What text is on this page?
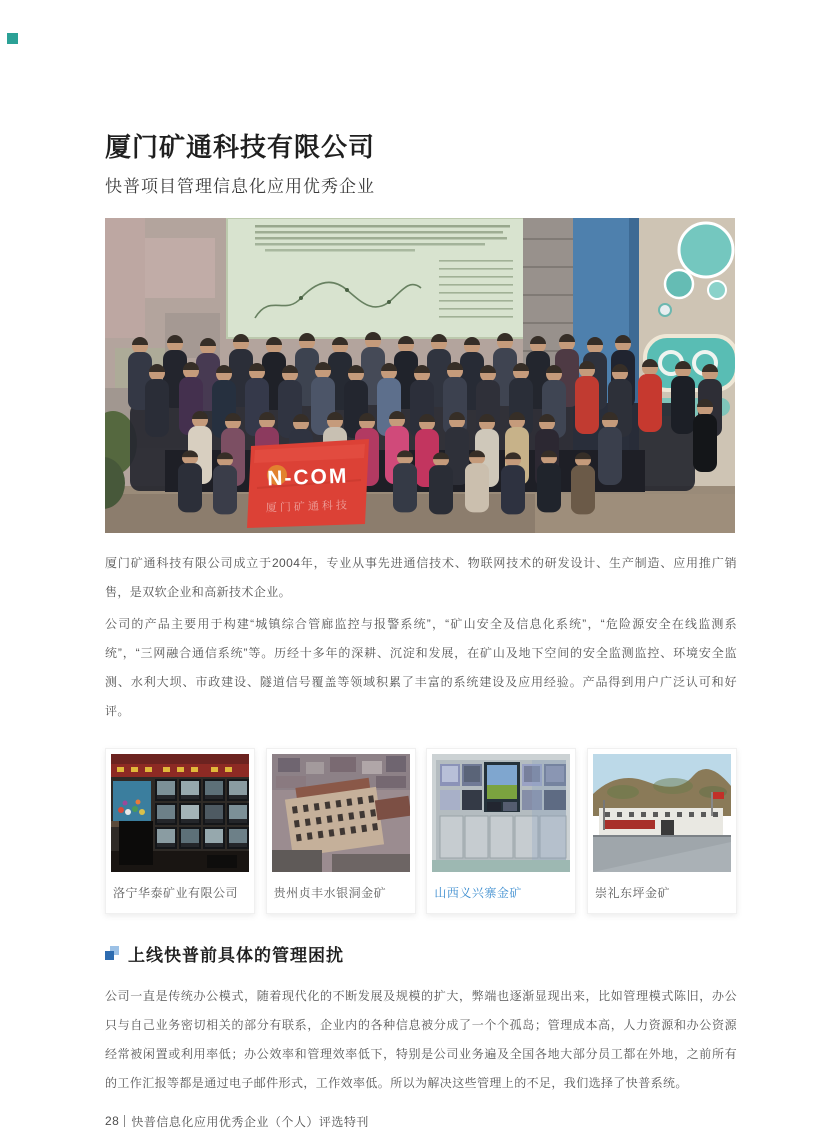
厦门矿通科技有限公司
快普项目管理信息化应用优秀企业
N-COM
厦门矿通科技

厦门矿通科技有限公司成立于2004年，专业从事先进通信技术、物联网技术的研发设计、生产制造、应用推广销售，是双软企业和高新技术企业。

公司的产品主要用于构建“城镇综合管廊监控与报警系统”，“矿山安全及信息化系统”，“危险源安全在线监测系统”，“三网融合通信系统”等。历经十多年的深耕、沉淀和发展，在矿山及地下空间的安全监测监控、环境安全监测、水利大坝、市政建设、隧道信号覆盖等领域积累了丰富的系统建设及应用经验。产品得到用户广泛认可和好评。

洛宁华泰矿业有限公司	贵州贞丰水银洞金矿	山西义兴寨金矿	崇礼东坪金矿
上线快普前具体的管理困扰

公司一直是传统办公模式，随着现代化的不断发展及规模的扩大，弊端也逐渐显现出来，比如管理模式陈旧，办公只与自己业务密切相关的部分有联系，企业内的各种信息被分成了一个个孤岛；管理成本高，人力资源和办公资源经常被闲置或利用率低；办公效率和管理效率低下，特别是公司业务遍及全国各地大部分员工都在外地，之前所有的工作汇报等都是通过电子邮件形式，工作效率低。所以为解决这些管理上的不足，我们选择了快普系统。

28 快普信息化应用优秀企业（个人）评选特刊
